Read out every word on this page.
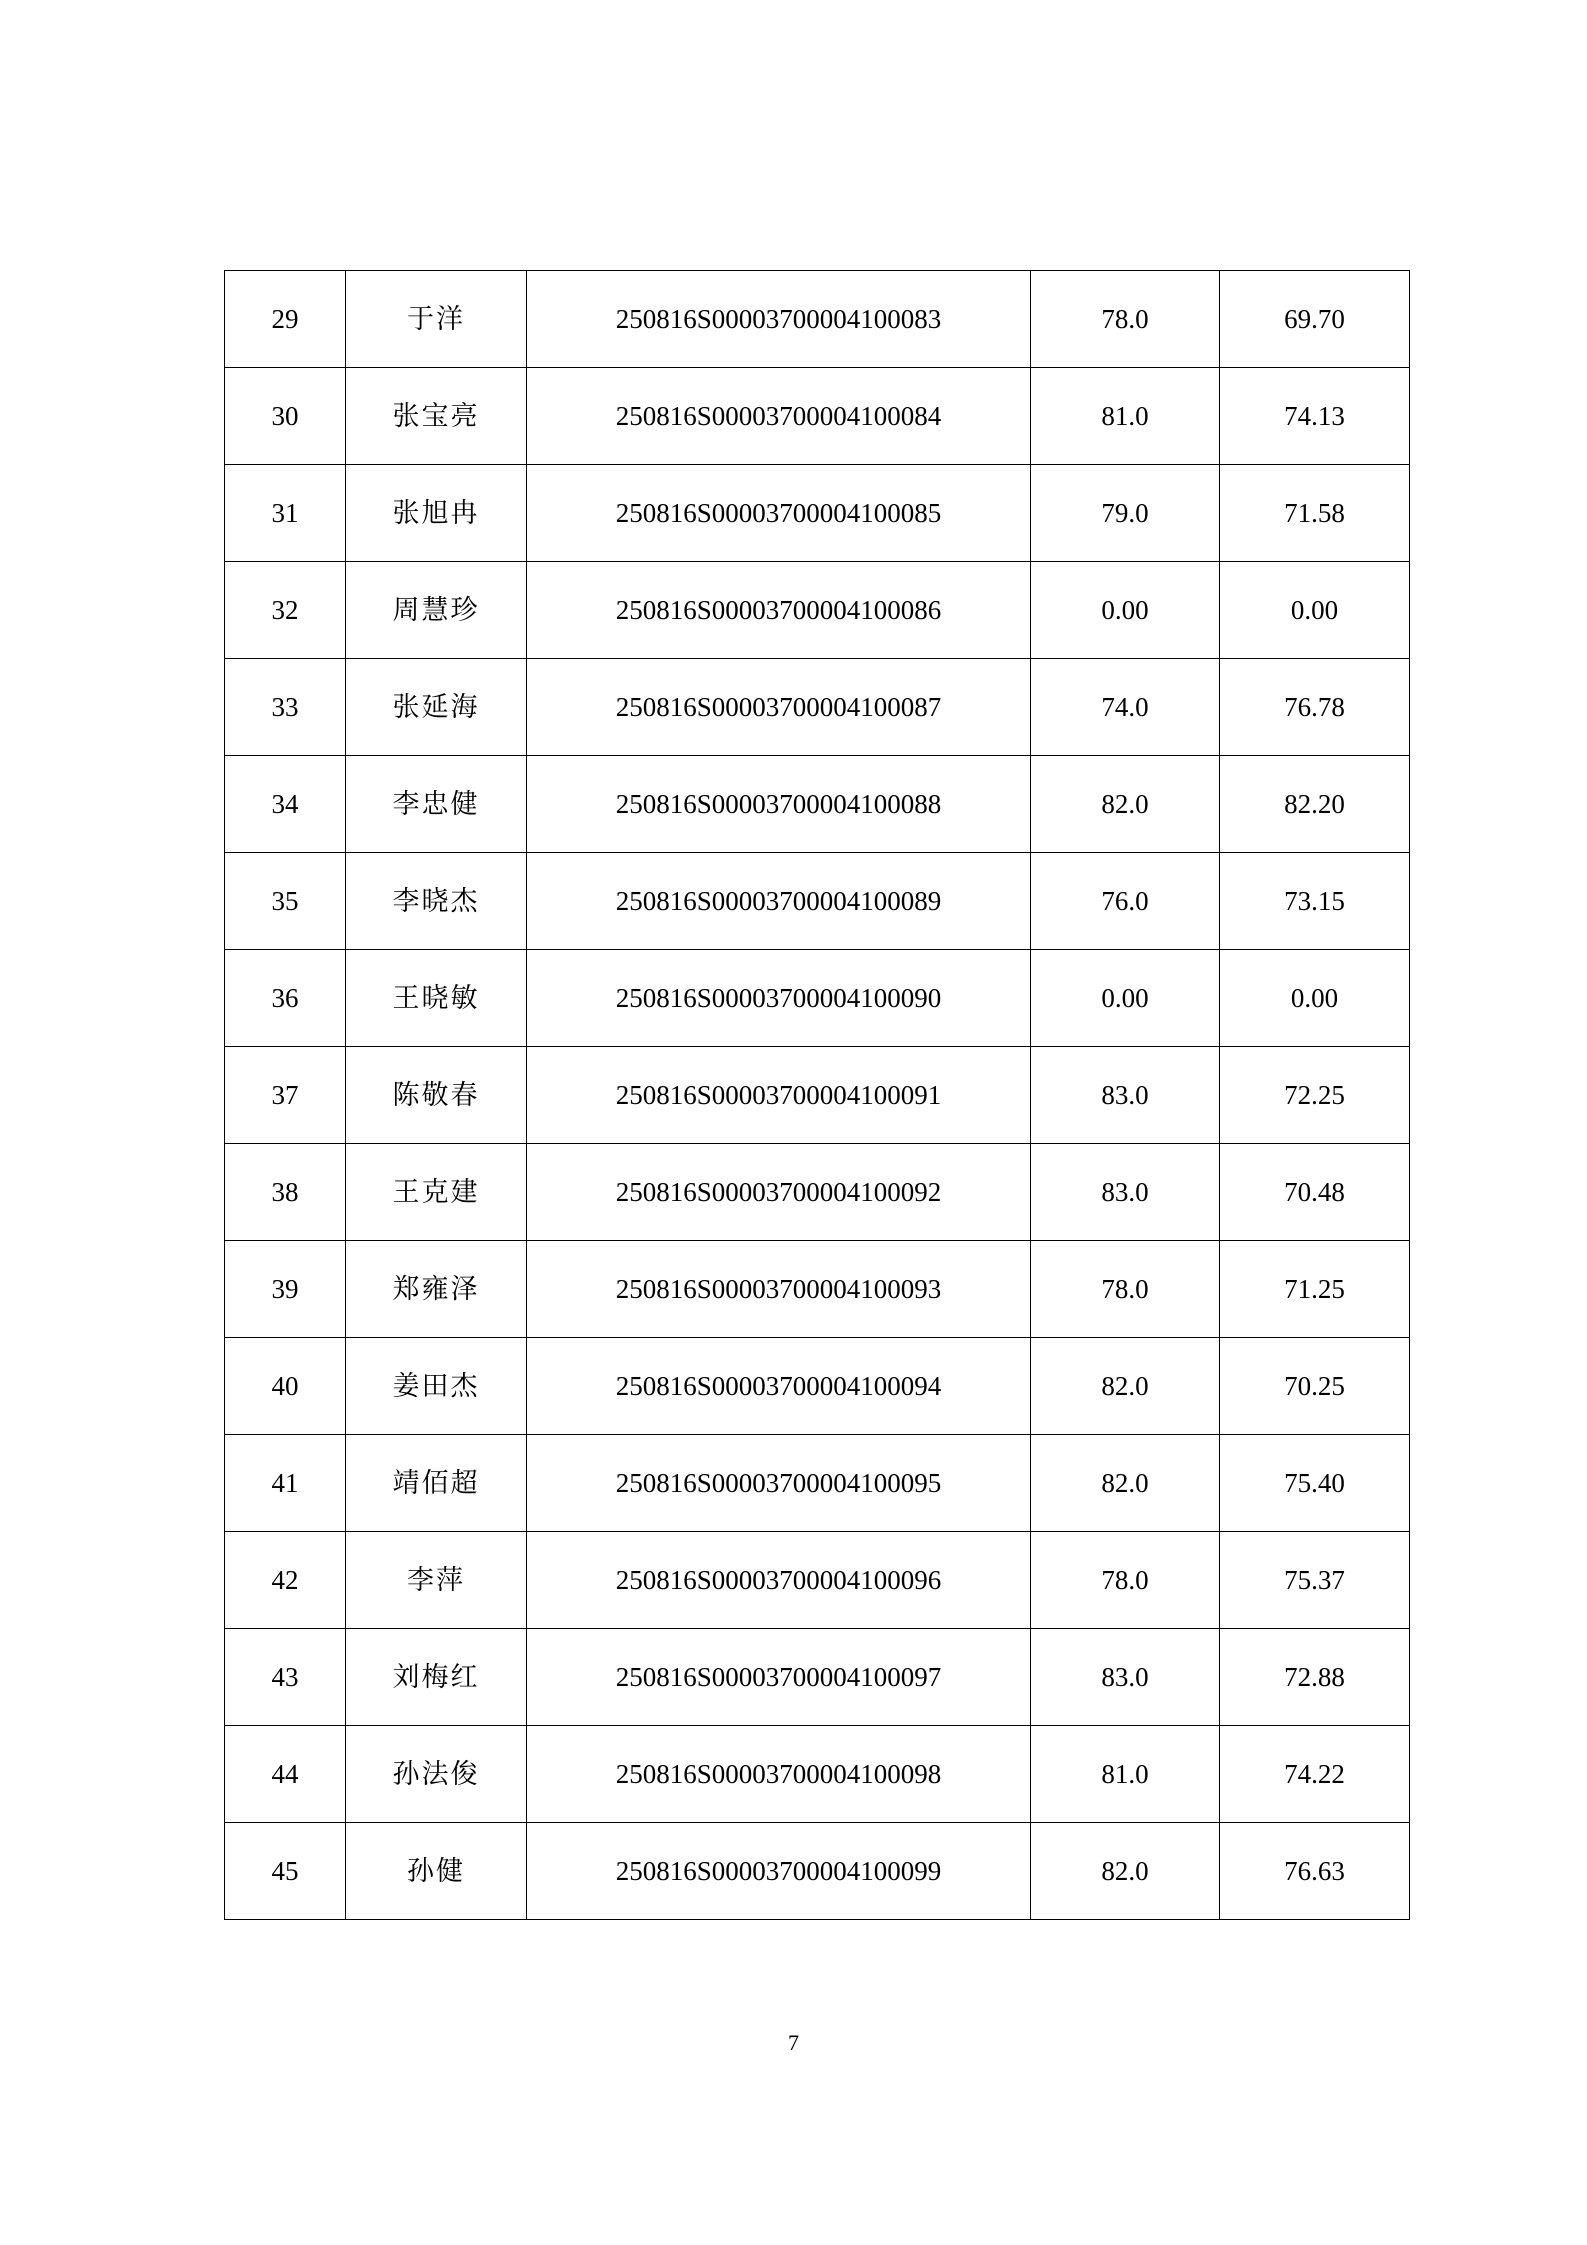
29	于洋	250816S00003700004100083	78.0	69.70
30	张宝亮	250816S00003700004100084	81.0	74.13
31	张旭冉	250816S00003700004100085	79.0	71.58
32	周慧珍	250816S00003700004100086	0.00	0.00
33	张延海	250816S00003700004100087	74.0	76.78
34	李忠健	250816S00003700004100088	82.0	82.20
35	李晓杰	250816S00003700004100089	76.0	73.15
36	王晓敏	250816S00003700004100090	0.00	0.00
37	陈敬春	250816S00003700004100091	83.0	72.25
38	王克建	250816S00003700004100092	83.0	70.48
39	郑雍泽	250816S00003700004100093	78.0	71.25
40	姜田杰	250816S00003700004100094	82.0	70.25
41	靖佰超	250816S00003700004100095	82.0	75.40
42	李萍	250816S00003700004100096	78.0	75.37
43	刘梅红	250816S00003700004100097	83.0	72.88
44	孙法俊	250816S00003700004100098	81.0	74.22
45	孙健	250816S00003700004100099	82.0	76.63
7
